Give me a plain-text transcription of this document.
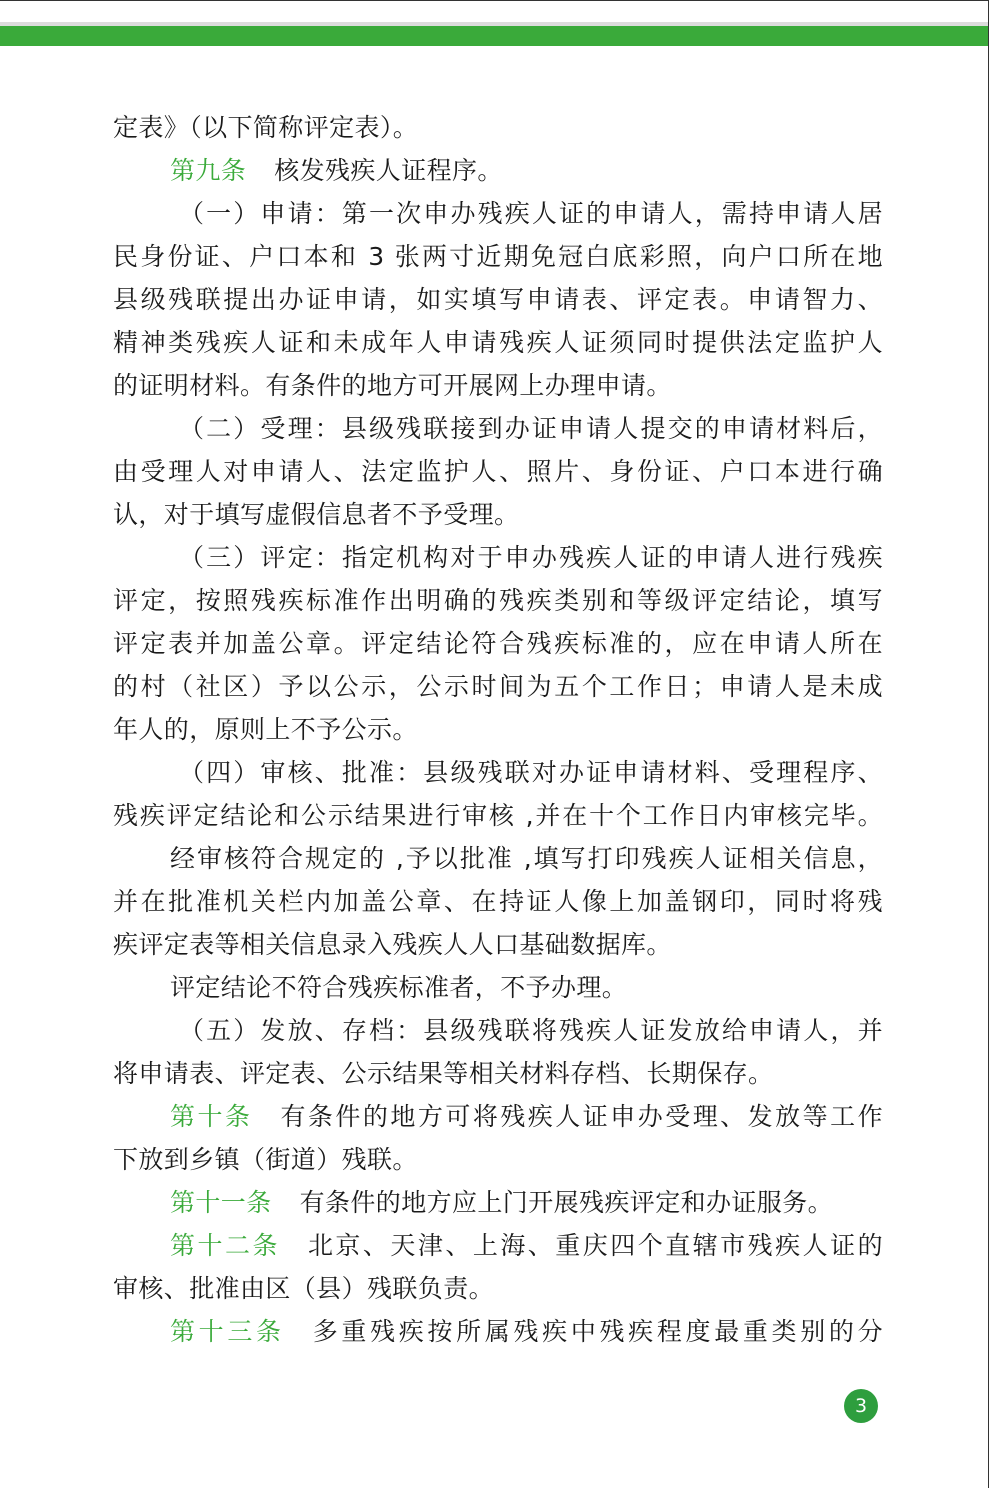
定表》（以下简称评定表）。
第九条 核发残疾人证程序。
（一）申请：第一次申办残疾人证的申请人，需持申请人居
民身份证、户口本和 3 张两寸近期免冠白底彩照，向户口所在地
县级残联提出办证申请，如实填写申请表、评定表。申请智力、
精神类残疾人证和未成年人申请残疾人证须同时提供法定监护人
的证明材料。有条件的地方可开展网上办理申请。
（二）受理：县级残联接到办证申请人提交的申请材料后，
由受理人对申请人、法定监护人、照片、身份证、户口本进行确
认，对于填写虚假信息者不予受理。
（三）评定：指定机构对于申办残疾人证的申请人进行残疾
评定，按照残疾标准作出明确的残疾类别和等级评定结论，填写
评定表并加盖公章。评定结论符合残疾标准的，应在申请人所在
的村（社区）予以公示，公示时间为五个工作日；申请人是未成
年人的，原则上不予公示。
（四）审核、批准：县级残联对办证申请材料、受理程序、
残疾评定结论和公示结果进行审核 ,并在十个工作日内审核完毕。
经审核符合规定的 ,予以批准 ,填写打印残疾人证相关信息，
并在批准机关栏内加盖公章、在持证人像上加盖钢印，同时将残
疾评定表等相关信息录入残疾人人口基础数据库。
评定结论不符合残疾标准者，不予办理。
（五）发放、存档：县级残联将残疾人证发放给申请人，并
将申请表、评定表、公示结果等相关材料存档、长期保存。
第十条 有条件的地方可将残疾人证申办受理、发放等工作
下放到乡镇（街道）残联。
第十一条 有条件的地方应上门开展残疾评定和办证服务。
第十二条 北京、天津、上海、重庆四个直辖市残疾人证的
审核、批准由区（县）残联负责。
第十三条 多重残疾按所属残疾中残疾程度最重类别的分
3
